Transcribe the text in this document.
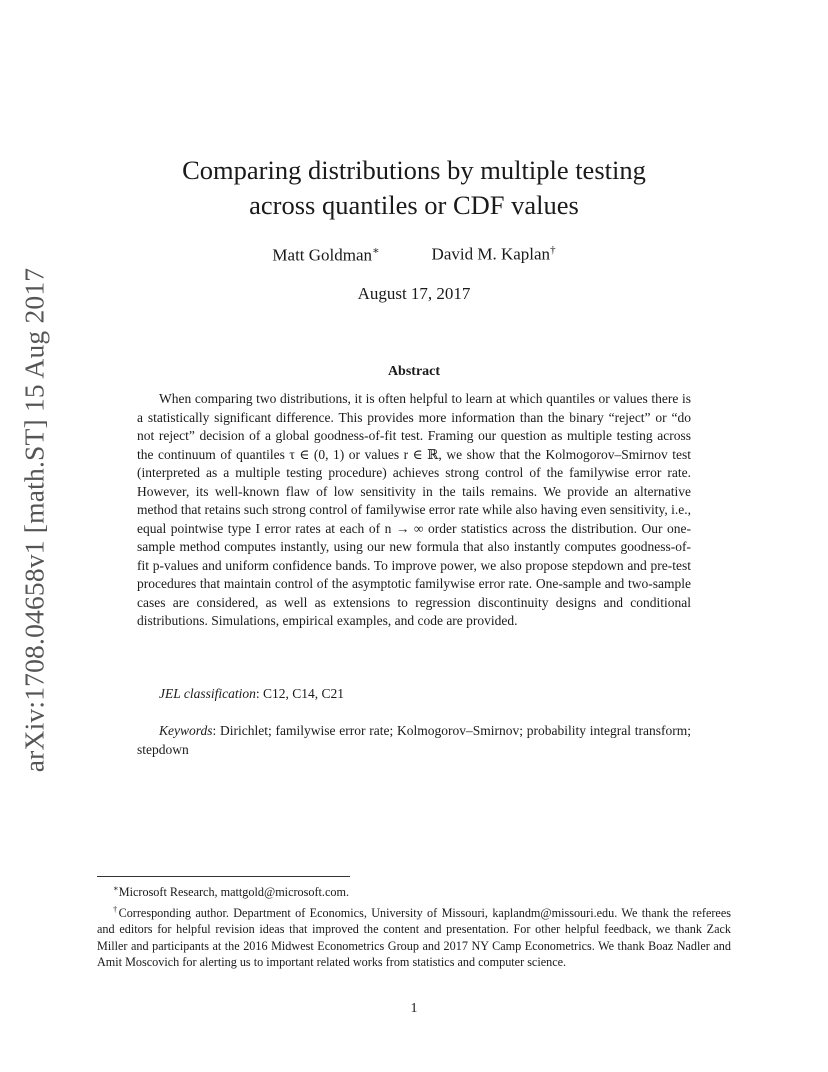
arXiv:1708.04658v1 [math.ST] 15 Aug 2017
Comparing distributions by multiple testing
across quantiles or CDF values
Matt Goldman∗	David M. Kaplan†
August 17, 2017
Abstract

When comparing two distributions, it is often helpful to learn at which quantiles or values there is a statistically significant difference. This provides more information than the binary “reject” or “do not reject” decision of a global goodness-of-fit test. Framing our question as multiple testing across the continuum of quantiles τ ∈ (0, 1) or values r ∈ ℝ, we show that the Kolmogorov–Smirnov test (interpreted as a multiple testing procedure) achieves strong control of the familywise error rate. However, its well-known flaw of low sensitivity in the tails remains. We provide an alternative method that retains such strong control of familywise error rate while also having even sensitivity, i.e., equal pointwise type I error rates at each of n → ∞ order statistics across the distribution. Our one-sample method computes instantly, using our new formula that also instantly computes goodness-of-fit p-values and uniform confidence bands. To improve power, we also propose stepdown and pre-test procedures that maintain control of the asymptotic familywise error rate. One-sample and two-sample cases are considered, as well as extensions to regression discontinuity designs and conditional distributions. Simulations, empirical examples, and code are provided.

JEL classification: C12, C14, C21

Keywords: Dirichlet; familywise error rate; Kolmogorov–Smirnov; probability integral transform; stepdown

∗Microsoft Research, mattgold@microsoft.com.

†Corresponding author. Department of Economics, University of Missouri, kaplandm@missouri.edu. We thank the referees and editors for helpful revision ideas that improved the content and presentation. For other helpful feedback, we thank Zack Miller and participants at the 2016 Midwest Econometrics Group and 2017 NY Camp Econometrics. We thank Boaz Nadler and Amit Moscovich for alerting us to important related works from statistics and computer science.

1
